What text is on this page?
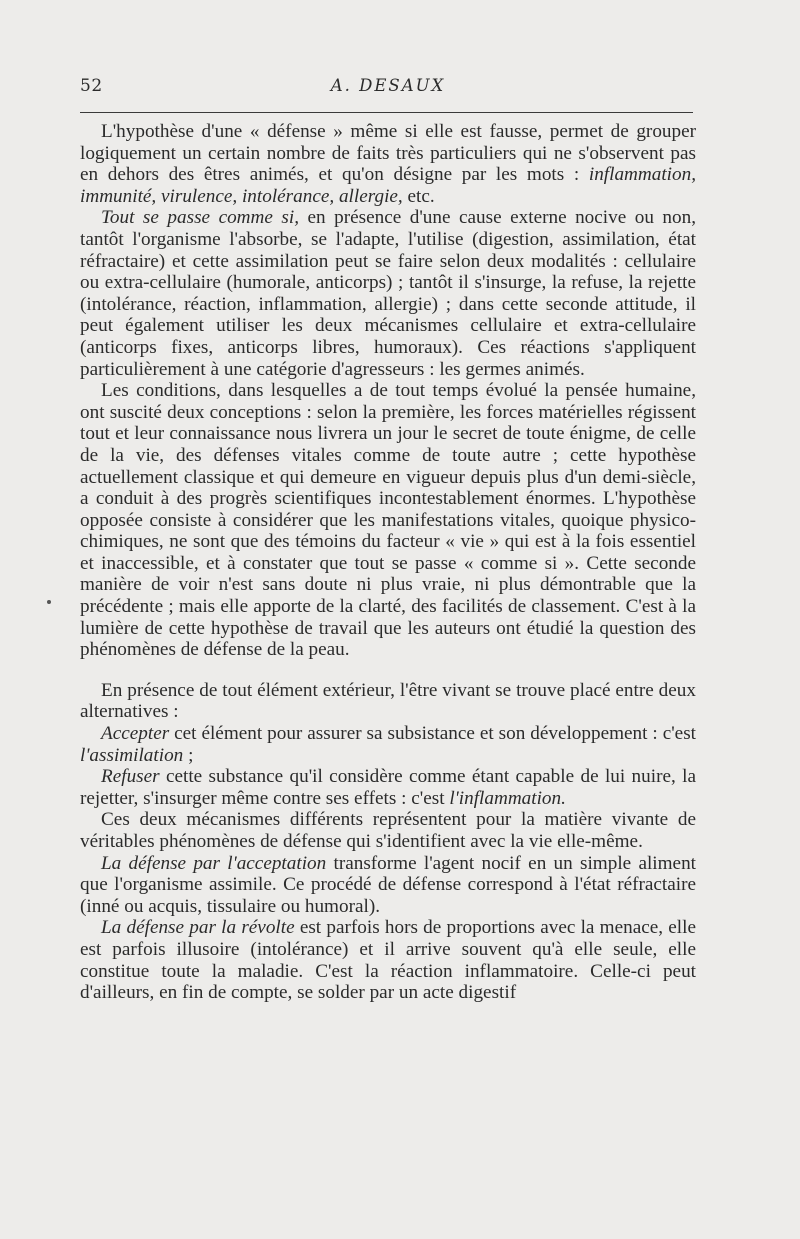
52	A. DESAUX

L'hypothèse d'une « défense » même si elle est fausse, permet de grouper logiquement un certain nombre de faits très particuliers qui ne s'observent pas en dehors des êtres animés, et qu'on désigne par les mots : inflammation, immunité, virulence, intolérance, allergie, etc.

Tout se passe comme si, en présence d'une cause externe nocive ou non, tantôt l'organisme l'absorbe, se l'adapte, l'utilise (digestion, assimilation, état réfractaire) et cette assimilation peut se faire selon deux modalités : cellulaire ou extra-cellulaire (humorale, anticorps) ; tantôt il s'insurge, la refuse, la rejette (intolérance, réaction, inflammation, allergie) ; dans cette seconde attitude, il peut également utiliser les deux mécanismes cellulaire et extra-cellulaire (anticorps fixes, anticorps libres, humoraux). Ces réactions s'appliquent particulièrement à une catégorie d'agresseurs : les germes animés.

Les conditions, dans lesquelles a de tout temps évolué la pensée humaine, ont suscité deux conceptions : selon la première, les forces matérielles régissent tout et leur connaissance nous livrera un jour le secret de toute énigme, de celle de la vie, des défenses vitales comme de toute autre ; cette hypothèse actuellement classique et qui demeure en vigueur depuis plus d'un demi-siècle, a conduit à des progrès scientifiques incontestablement énormes. L'hypothèse opposée consiste à considérer que les manifestations vitales, quoique physico-chimiques, ne sont que des témoins du facteur « vie » qui est à la fois essentiel et inaccessible, et à constater que tout se passe « comme si ». Cette seconde manière de voir n'est sans doute ni plus vraie, ni plus démontrable que la précédente ; mais elle apporte de la clarté, des facilités de classement. C'est à la lumière de cette hypothèse de travail que les auteurs ont étudié la question des phénomènes de défense de la peau.

En présence de tout élément extérieur, l'être vivant se trouve placé entre deux alternatives :

Accepter cet élément pour assurer sa subsistance et son développement : c'est l'assimilation ;

Refuser cette substance qu'il considère comme étant capable de lui nuire, la rejetter, s'insurger même contre ses effets : c'est l'inflammation.

Ces deux mécanismes différents représentent pour la matière vivante de véritables phénomènes de défense qui s'identifient avec la vie elle-même.

La défense par l'acceptation transforme l'agent nocif en un simple aliment que l'organisme assimile. Ce procédé de défense correspond à l'état réfractaire (inné ou acquis, tissulaire ou humoral).

La défense par la révolte est parfois hors de proportions avec la menace, elle est parfois illusoire (intolérance) et il arrive souvent qu'à elle seule, elle constitue toute la maladie. C'est la réaction inflammatoire. Celle-ci peut d'ailleurs, en fin de compte, se solder par un acte digestif
